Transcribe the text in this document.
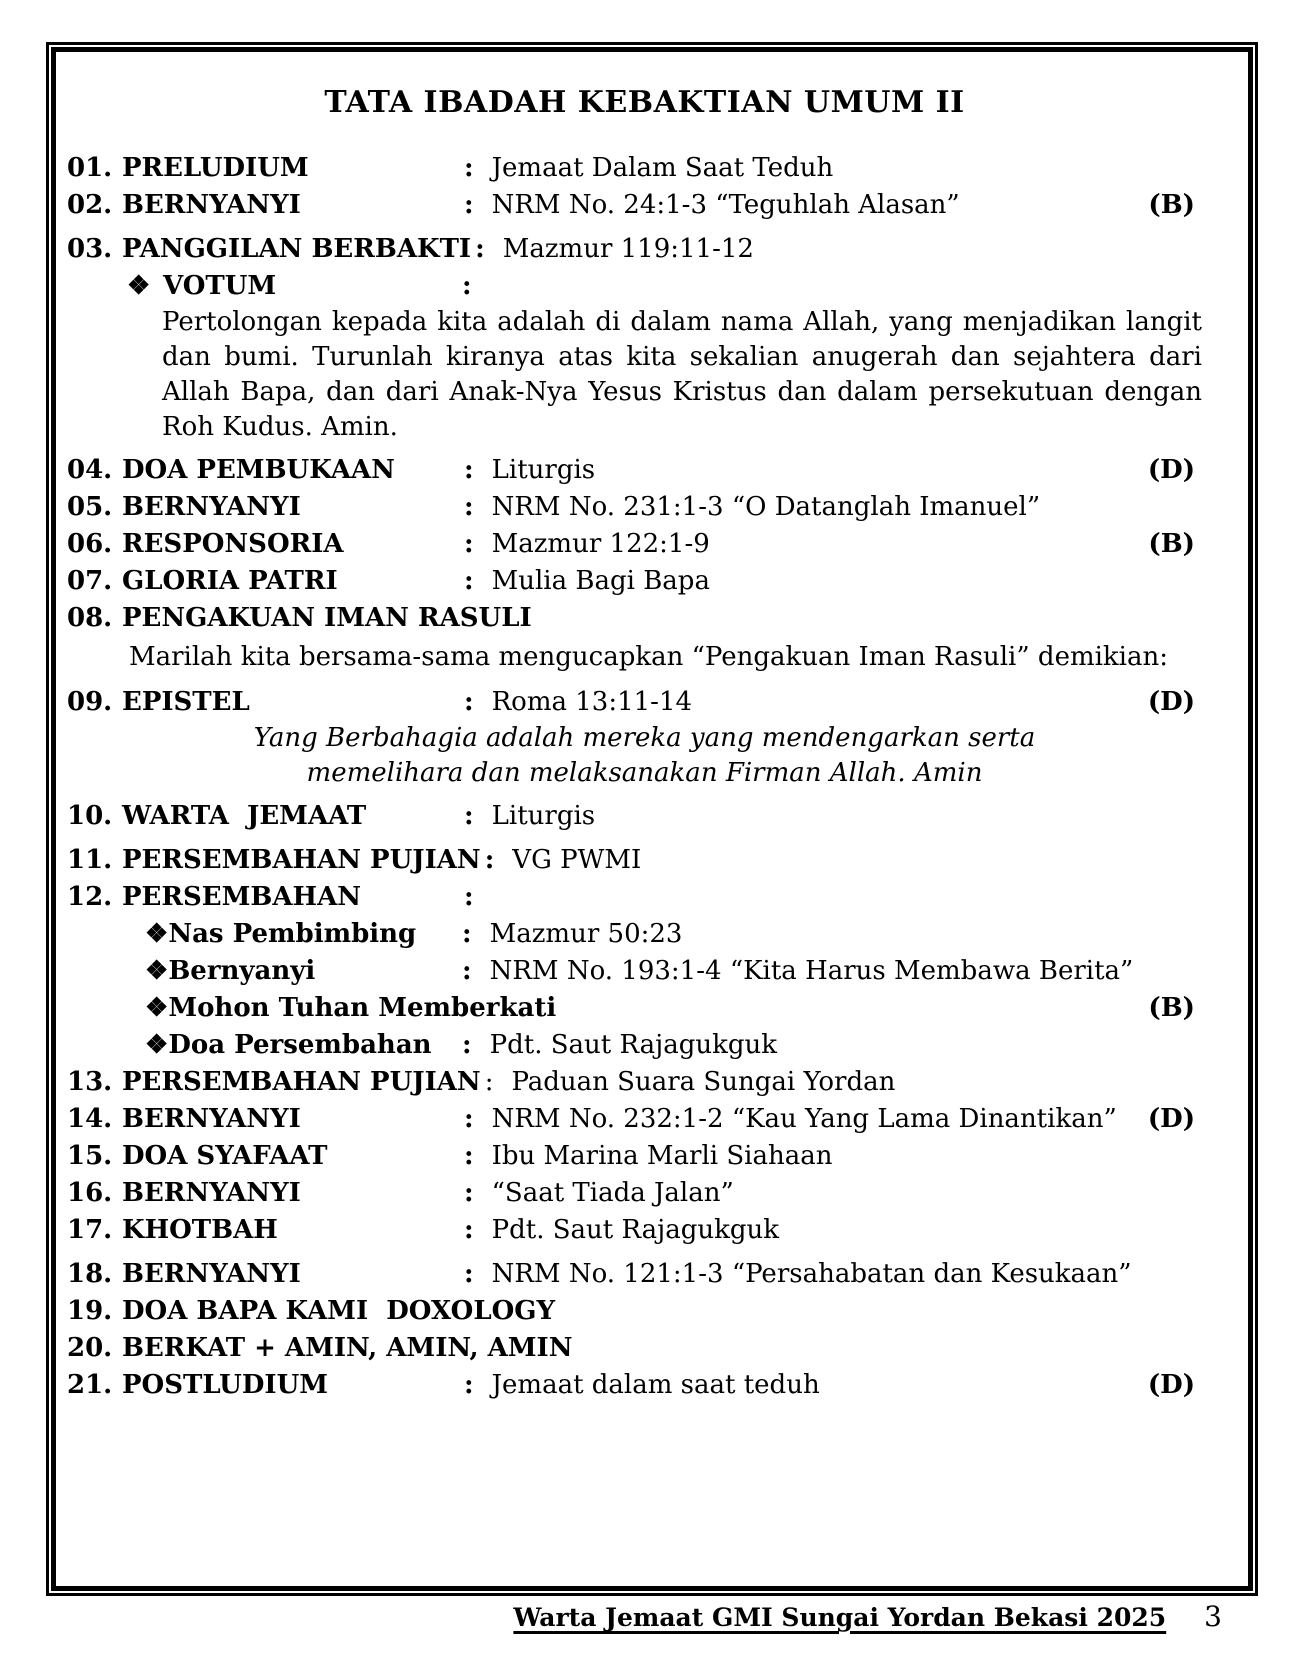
TATA IBADAH KEBAKTIAN UMUM II
01. PRELUDIUM	: Jemaat Dalam Saat Teduh
02. BERNYANYI	: NRM No. 24:1-3 “Teguhlah Alasan”	(B)
03. PANGGILAN BERBAKTI : Mazmur 119:11-12
❖ VOTUM	:
Pertolongan kepada kita adalah di dalam nama Allah, yang menjadikan langit dan bumi. Turunlah kiranya atas kita sekalian anugerah dan sejahtera dari Allah Bapa, dan dari Anak-Nya Yesus Kristus dan dalam persekutuan dengan Roh Kudus. Amin.
04. DOA PEMBUKAAN	: Liturgis	(D)
05. BERNYANYI	: NRM No. 231:1-3 “O Datanglah Imanuel”
06. RESPONSORIA	: Mazmur 122:1-9	(B)
07. GLORIA PATRI	: Mulia Bagi Bapa
08. PENGAKUAN IMAN RASULI
Marilah kita bersama-sama mengucapkan “Pengakuan Iman Rasuli” demikian:
09. EPISTEL	: Roma 13:11-14	(D)
Yang Berbahagia adalah mereka yang mendengarkan serta memelihara dan melaksanakan Firman Allah. Amin
10. WARTA  JEMAAT	: Liturgis
11. PERSEMBAHAN PUJIAN : VG PWMI
12. PERSEMBAHAN	:
❖ Nas Pembimbing : Mazmur 50:23
❖ Bernyanyi	: NRM No. 193:1-4 “Kita Harus Membawa Berita”
❖ Mohon Tuhan Memberkati	(B)
❖ Doa Persembahan : Pdt. Saut Rajagukguk
13. PERSEMBAHAN PUJIAN : Paduan Suara Sungai Yordan
14. BERNYANYI	: NRM No. 232:1-2 “Kau Yang Lama Dinantikan” (D)
15. DOA SYAFAAT	: Ibu Marina Marli Siahaan
16. BERNYANYI	: “Saat Tiada Jalan”
17. KHOTBAH	: Pdt. Saut Rajagukguk
18. BERNYANYI	: NRM No. 121:1-3 “Persahabatan dan Kesukaan”
19. DOA BAPA KAMI  DOXOLOGY
20. BERKAT + AMIN, AMIN, AMIN
21. POSTLUDIUM	: Jemaat dalam saat teduh	(D)
Warta Jemaat GMI Sungai Yordan Bekasi 2025 3
